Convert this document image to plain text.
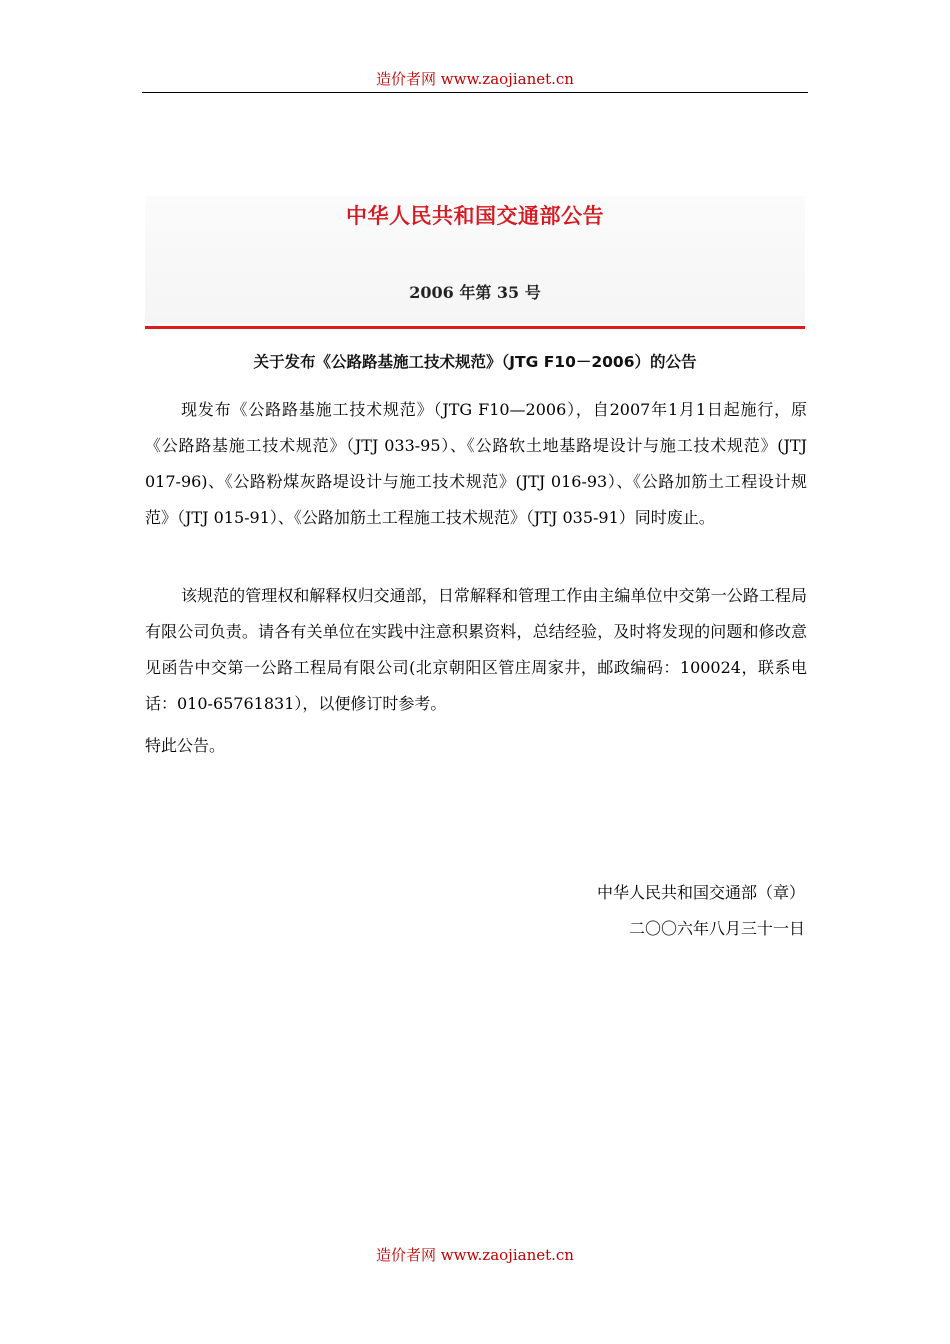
造价者网 www.zaojianet.cn
中华人民共和国交通部公告
2006 年第 35 号
关于发布《公路路基施工技术规范》（JTG F10－2006）的公告
现发布《公路路基施工技术规范》（JTG F10—2006），自2007年1月1日起施行，原《公路路基施工技术规范》（JTJ 033-95）、《公路软土地基路堤设计与施工技术规范》(JTJ 017-96)、《公路粉煤灰路堤设计与施工技术规范》(JTJ 016-93）、《公路加筋土工程设计规范》（JTJ 015-91）、《公路加筋土工程施工技术规范》（JTJ 035-91）同时废止。
该规范的管理权和解释权归交通部，日常解释和管理工作由主编单位中交第一公路工程局有限公司负责。请各有关单位在实践中注意积累资料，总结经验，及时将发现的问题和修改意见函告中交第一公路工程局有限公司(北京朝阳区管庄周家井，邮政编码：100024，联系电话：010-65761831），以便修订时参考。
特此公告。
中华人民共和国交通部（章）
二〇〇六年八月三十一日
造价者网 www.zaojianet.cn
